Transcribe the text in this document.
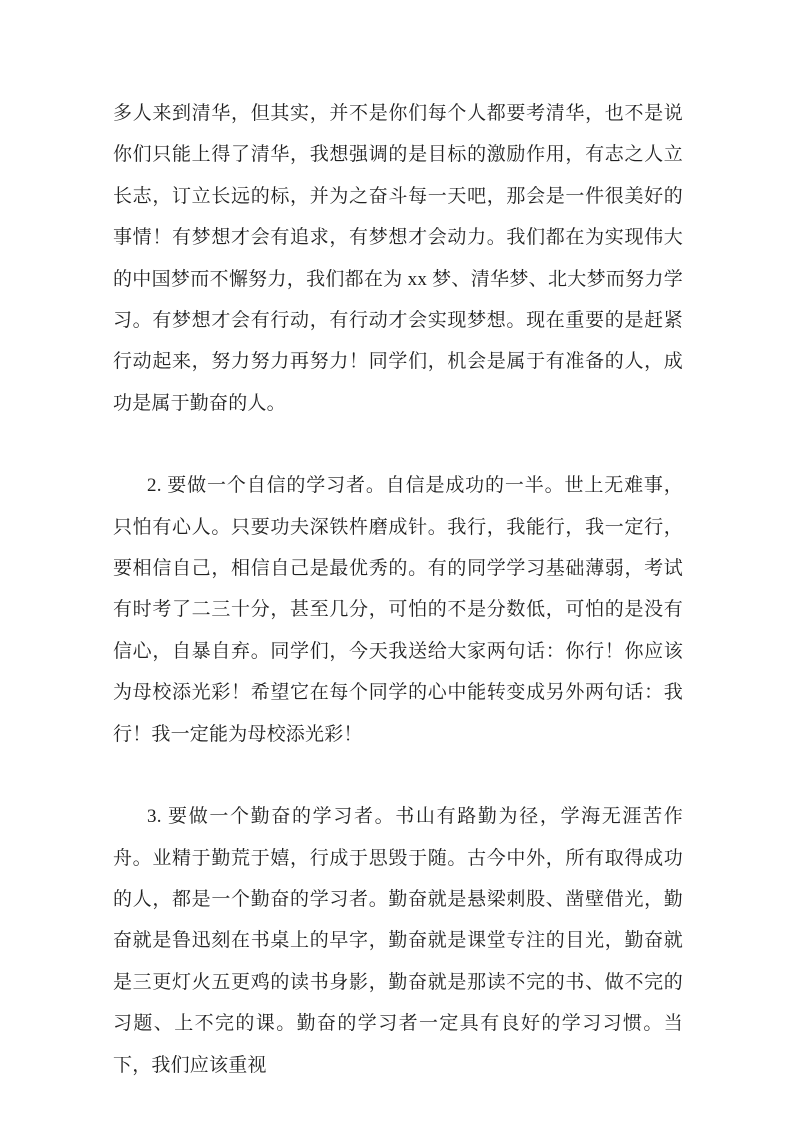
多人来到清华，但其实，并不是你们每个人都要考清华，也不是说你们只能上得了清华，我想强调的是目标的激励作用，有志之人立长志，订立长远的标，并为之奋斗每一天吧，那会是一件很美好的事情！有梦想才会有追求，有梦想才会动力。我们都在为实现伟大的中国梦而不懈努力，我们都在为 xx 梦、清华梦、北大梦而努力学习。有梦想才会有行动，有行动才会实现梦想。现在重要的是赶紧行动起来，努力努力再努力！同学们，机会是属于有准备的人，成功是属于勤奋的人。

2. 要做一个自信的学习者。自信是成功的一半。世上无难事，只怕有心人。只要功夫深铁杵磨成针。我行，我能行，我一定行，要相信自己，相信自己是最优秀的。有的同学学习基础薄弱，考试有时考了二三十分，甚至几分，可怕的不是分数低，可怕的是没有信心，自暴自弃。同学们，今天我送给大家两句话：你行！你应该为母校添光彩！希望它在每个同学的心中能转变成另外两句话：我行！我一定能为母校添光彩！

3. 要做一个勤奋的学习者。书山有路勤为径，学海无涯苦作舟。业精于勤荒于嬉，行成于思毁于随。古今中外，所有取得成功的人，都是一个勤奋的学习者。勤奋就是悬梁刺股、凿壁借光，勤奋就是鲁迅刻在书桌上的早字，勤奋就是课堂专注的目光，勤奋就是三更灯火五更鸡的读书身影，勤奋就是那读不完的书、做不完的习题、上不完的课。勤奋的学习者一定具有良好的学习习惯。当下，我们应该重视
